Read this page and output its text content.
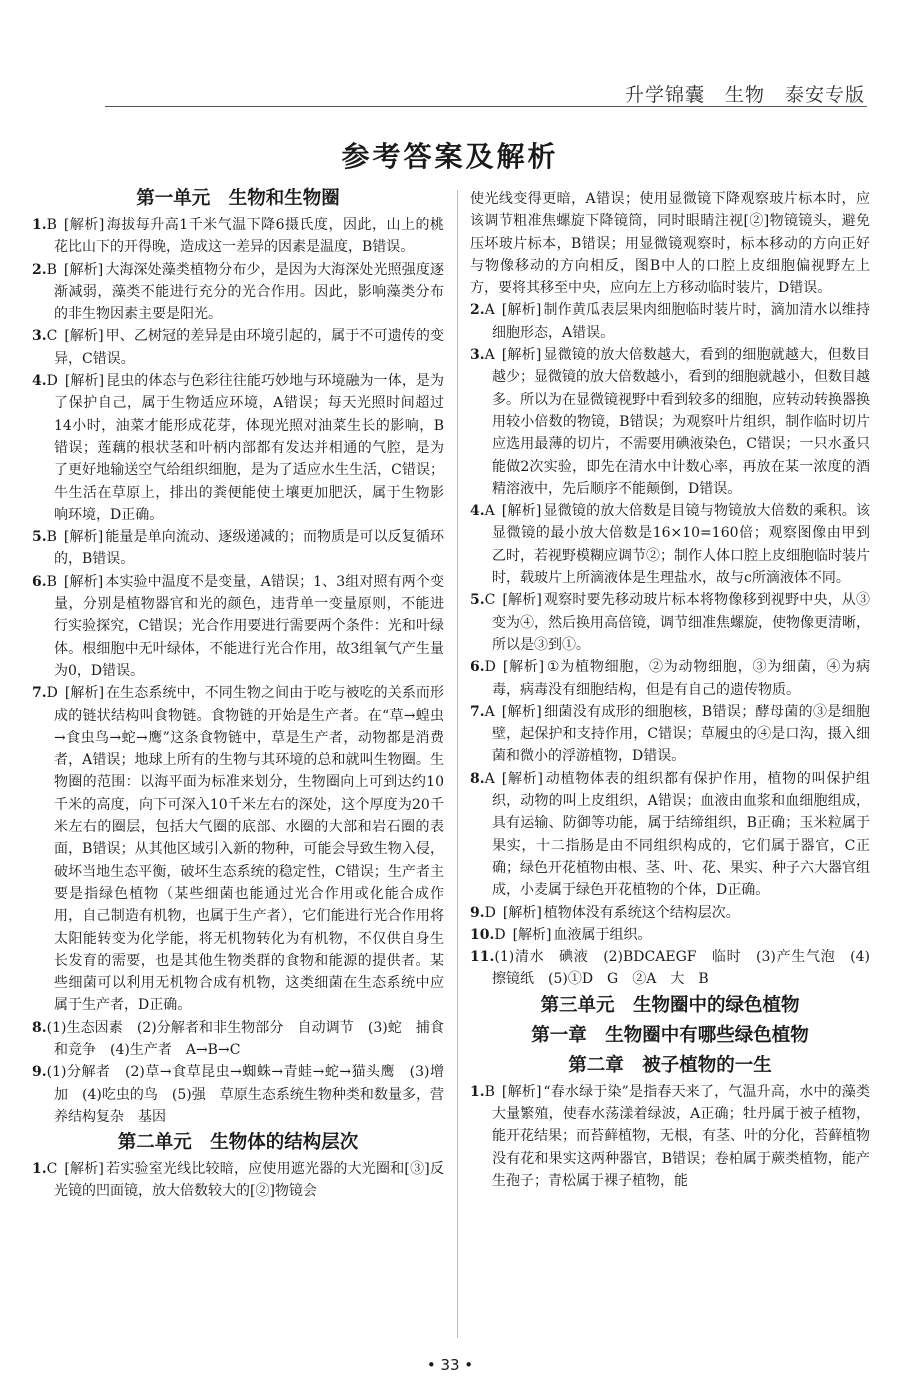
升学锦囊　生物　泰安专版
参考答案及解析
第一单元　生物和生物圈

1.B  [解析] 海拔每升高1千米气温下降6摄氏度，因此，山上的桃花比山下的开得晚，造成这一差异的因素是温度，B错误。

2.B  [解析] 大海深处藻类植物分布少，是因为大海深处光照强度逐渐减弱，藻类不能进行充分的光合作用。因此，影响藻类分布的非生物因素主要是阳光。

3.C  [解析] 甲、乙树冠的差异是由环境引起的，属于不可遗传的变异，C错误。

4.D  [解析] 昆虫的体态与色彩往往能巧妙地与环境融为一体，是为了保护自己，属于生物适应环境，A错误；每天光照时间超过14小时，油菜才能形成花芽，体现光照对油菜生长的影响，B错误；莲藕的根状茎和叶柄内部都有发达并相通的气腔，是为了更好地输送空气给组织细胞，是为了适应水生生活，C错误；牛生活在草原上，排出的粪便能使土壤更加肥沃，属于生物影响环境，D正确。

5.B  [解析] 能量是单向流动、逐级递减的；而物质是可以反复循环的，B错误。

6.B  [解析] 本实验中温度不是变量，A错误；1、3组对照有两个变量，分别是植物器官和光的颜色，违背单一变量原则，不能进行实验探究，C错误；光合作用要进行需要两个条件：光和叶绿体。根细胞中无叶绿体，不能进行光合作用，故3组氧气产生量为0，D错误。

7.D  [解析] 在生态系统中，不同生物之间由于吃与被吃的关系而形成的链状结构叫食物链。食物链的开始是生产者。在“草→蝗虫→食虫鸟→蛇→鹰”这条食物链中，草是生产者，动物都是消费者，A错误；地球上所有的生物与其环境的总和就叫生物圈。生物圈的范围：以海平面为标准来划分，生物圈向上可到达约10千米的高度，向下可深入10千米左右的深处，这个厚度为20千米左右的圈层，包括大气圈的底部、水圈的大部和岩石圈的表面，B错误；从其他区域引入新的物种，可能会导致生物入侵，破坏当地生态平衡，破坏生态系统的稳定性，C错误；生产者主要是指绿色植物（某些细菌也能通过光合作用或化能合成作用，自己制造有机物，也属于生产者），它们能进行光合作用将太阳能转变为化学能，将无机物转化为有机物，不仅供自身生长发育的需要，也是其他生物类群的食物和能源的提供者。某些细菌可以利用无机物合成有机物，这类细菌在生态系统中应属于生产者，D正确。

8.(1)生态因素　(2)分解者和非生物部分　自动调节　(3)蛇　捕食和竞争　(4)生产者　A→B→C

9.(1)分解者　(2)草→食草昆虫→蜘蛛→青蛙→蛇→猫头鹰　(3)增加　(4)吃虫的鸟　(5)强　草原生态系统生物种类和数量多，营养结构复杂　基因

第二单元　生物体的结构层次

1.C  [解析] 若实验室光线比较暗，应使用遮光器的大光圈和[③]反光镜的凹面镜，放大倍数较大的[②]物镜会

使光线变得更暗，A错误；使用显微镜下降观察玻片标本时，应该调节粗准焦螺旋下降镜筒，同时眼睛注视[②]物镜镜头，避免压坏玻片标本，B错误；用显微镜观察时，标本移动的方向正好与物像移动的方向相反，图B中人的口腔上皮细胞偏视野左上方，要将其移至中央，应向左上方移动临时装片，D错误。

2.A  [解析] 制作黄瓜表层果肉细胞临时装片时，滴加清水以维持细胞形态，A错误。

3.A  [解析] 显微镜的放大倍数越大，看到的细胞就越大，但数目越少；显微镜的放大倍数越小，看到的细胞就越小，但数目越多。所以为在显微镜视野中看到较多的细胞，应转动转换器换用较小倍数的物镜，B错误；为观察叶片组织，制作临时切片应选用最薄的切片，不需要用碘液染色，C错误；一只水蚤只能做2次实验，即先在清水中计数心率，再放在某一浓度的酒精溶液中，先后顺序不能颠倒，D错误。

4.A  [解析] 显微镜的放大倍数是目镜与物镜放大倍数的乘积。该显微镜的最小放大倍数是16×10=160倍；观察图像由甲到乙时，若视野模糊应调节②；制作人体口腔上皮细胞临时装片时，载玻片上所滴液体是生理盐水，故与c所滴液体不同。

5.C  [解析] 观察时要先移动玻片标本将物像移到视野中央，从③变为④，然后换用高倍镜，调节细准焦螺旋，使物像更清晰，所以是③到①。

6.D  [解析] ①为植物细胞，②为动物细胞，③为细菌，④为病毒，病毒没有细胞结构，但是有自己的遗传物质。

7.A  [解析] 细菌没有成形的细胞核，B错误；酵母菌的③是细胞壁，起保护和支持作用，C错误；草履虫的④是口沟，摄入细菌和微小的浮游植物，D错误。

8.A  [解析] 动植物体表的组织都有保护作用，植物的叫保护组织，动物的叫上皮组织，A错误；血液由血浆和血细胞组成，具有运输、防御等功能，属于结缔组织，B正确；玉米粒属于果实，十二指肠是由不同组织构成的，它们属于器官，C正确；绿色开花植物由根、茎、叶、花、果实、种子六大器官组成，小麦属于绿色开花植物的个体，D正确。

9.D  [解析] 植物体没有系统这个结构层次。

10.D  [解析] 血液属于组织。

11.(1)清水　碘液　(2)BDCAEGF　临时　(3)产生气泡　(4)擦镜纸　(5)①D　G　②A　大　B

第三单元　生物圈中的绿色植物
第一章　生物圈中有哪些绿色植物
第二章　被子植物的一生

1.B  [解析] “春水绿于染”是指春天来了，气温升高，水中的藻类大量繁殖，使春水荡漾着绿波，A正确；牡丹属于被子植物，能开花结果；而苔藓植物，无根，有茎、叶的分化，苔藓植物没有花和果实这两种器官，B错误；卷柏属于蕨类植物，能产生孢子；青松属于裸子植物，能

• 33 •
